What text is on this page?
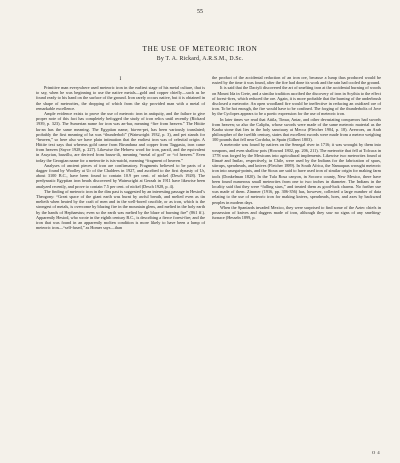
55
THE USE OF METEORIC IRON
By T. A. Rickard, A.R.S.M., D.Sc.
I

Primitive man everywhere used meteoric iron in the earliest stage of his metal culture, that is to say, when he was beginning to use the native metals—gold and copper chiefly—such as he found ready to his hand on the surface of the ground. Iron rarely occurs native, but it is obtained in the shape of meteorites, the dropping of which from the sky provided man with a metal of remarkable excellence.

Ample evidence exists to prove the use of meteoric iron in antiquity, and the failure to give proper note of this fact has completely befogged the study of iron relics until recently (Rickard 1939, p. 323). The Sumerian name for iron was an-bar, meaning “fire from heaven.” The Hittite ku-an has the same meaning. The Egyptian name, bia-en-pet, has been variously translated; probably the first meaning of ba was “thunderbolt” (Wainwright 1932, p. 3), and pet stands for “heaven,” so here also we have plain intimation that the earliest iron was of celestial origin. A Hittite text says that whereas gold came from Birunduna and copper from Taggasta, iron came from heaven (Sayce 1928, p. 227). Likewise the Hebrew word for iron, parzil, and the equivalent in Assyrian, barzillu, are derived from barzu-ili, meaning “metal of god” or “of heaven.” Even today the Georgian name for a meteorite is tsis-natchi, meaning “fragment of heaven.”

Analyses of ancient pieces of iron are confirmatory. Fragments believed to be parts of a dagger found by Woolley at Ur of the Chaldees in 1927, and ascribed to the first dynasty of Ur, about 3100 B.C., have been found to contain 10.9 per cent. of nickel (Desch 1928). The predynastic Egyptian iron beads discovered by Wainwright at Gerzah in 1911 have likewise been analyzed recently, and prove to contain 7.5 per cent. of nickel (Desch 1928, p. 4).

The finding of meteoric iron in the dim past is suggested by an interesting passage in Hesiod’s Theogony: “Great space of the giant earth was burnt by awful breath, and melted even as tin melteth when heated by the craft of men and in the well-bored crucible, or as iron, which is the strongest of metals, is overcome by blazing fire in the mountain glens, and melted in the holy earth by the hands of Hephaestus; even so the earth was melted by the blaze of burning fire” (861 ff.). Apparently Hesiod, who wrote in the eighth century B.C., is describing a fierce forest-fire; and the iron that was found in an apparently molten condition is more likely to have been a lump of meteoric iron—“self-fused,” as Homer says—than

the product of the accidental reduction of an iron ore, because a lump thus produced would be rusted by the time it was found, after the fire had done its work and the rain had cooled the ground.

It is said that the Dactyli discovered the art of smelting iron at the accidental burning of woods on Mount Ida in Crete, and a similar tradition ascribed the discovery of iron in Scythia to the effect of forest-fires, which reduced the ore. Again, it is more probable that the burning of the underbrush disclosed a meteorite. An open woodland fire would be ineffective in reducing an oxidized ore of iron. To be hot enough, the fire would have to be confined. The forging of the thunderbolts of Jove by the Cyclopes appears to be a poetic expression for the use of meteoric iron.

In later times we read that Attila, Timur, Antar, and other devastating conquerors had swords from heaven; so also the Caliphs, whose swords were made of the same meteoric material as the Kaaba stone that lies in the holy sanctuary at Mecca (Fletcher 1904, p. 18). Averroes, an Arab philosopher of the twelfth century, states that excellent swords were made from a meteor weighing 100 pounds that fell near Cordoba, in Spain (Gilbert 1803).

A meteorite was found by natives on the Senegal river in 1716; it was wrought by them into weapons, and even shallow pots (Howard 1802, pp. 206, 211). The meteorite that fell at Tolcuca in 1778 was forged by the Mexicans into agricultural implements. Likewise two meteorites found at Ilimaë and Imilac, respectively, in Chile, were used by the Indians for the fabrication of spurs, stirrups, spearheads, and knives (Fletcher 1889). In South Africa, the Namaquas wrought meteoric iron into assegai-points, and the Sioux are said to have used iron of similar origin for making farm tools (Donkelman 1820). In the Tula Rosa canyon, in Socorro county, New Mexico, there have been found numerous small meteorites from one to two inches in diameter. The Indians in the locality said that they were “falling stars,” and treated them as good-luck charms. No further use was made of them. Zimmer (1916, pp. 306-356) has, however, collected a large number of data relating to the use of meteoric iron for making knives, spearheads, hoes, and axes by backward peoples in modern days.

When the Spaniards invaded Mexico, they were surprised to find some of the Aztec chiefs in possession of knives and daggers made of iron, although they saw no signs of any smelting-furnace (Hesseln 1899, p.

O 4
